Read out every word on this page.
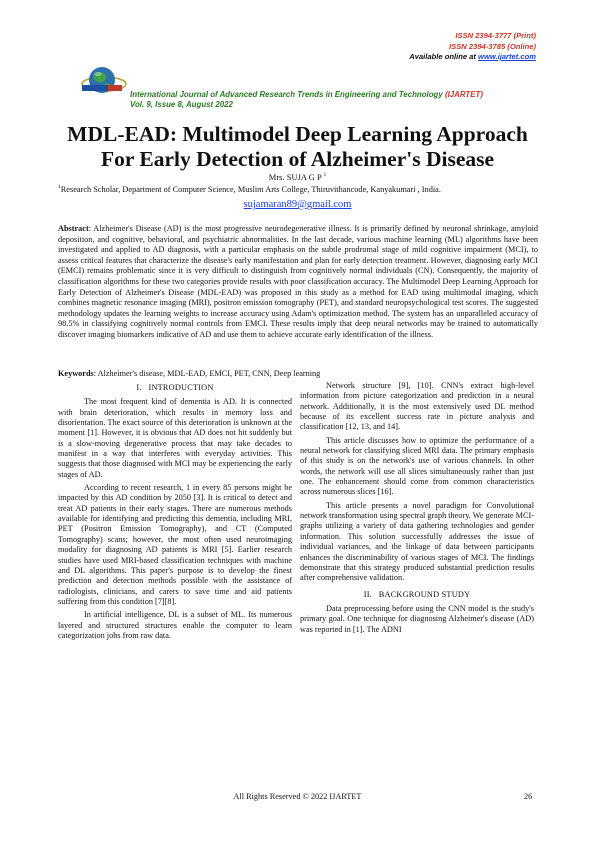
ISSN 2394-3777 (Print)
ISSN 2394-3785 (Online)
Available online at www.ijartet.com
International Journal of Advanced Research Trends in Engineering and Technology (IJARTET)
Vol. 9, Issue 8, August 2022
MDL-EAD: Multimodel Deep Learning Approach
For Early Detection of Alzheimer's Disease
Mrs. SUJA G P $^1$
$^1$Research Scholar, Department of Computer Science, Muslim Arts College, Thiruvithancode, Kanyakumari , India.
sujamaran89@gmail.com
Abstract: Alzheimer's Disease (AD) is the most progressive neurodegenerative illness. It is primarily defined by neuronal shrinkage, amyloid deposition, and cognitive, behavioral, and psychiatric abnormalities. In the last decade, various machine learning (ML) algorithms have been investigated and applied to AD diagnosis, with a particular emphasis on the subtle prodromal stage of mild cognitive impairment (MCI), to assess critical features that characterize the disease's early manifestation and plan for early detection treatment. However, diagnosing early MCI (EMCI) remains problematic since it is very difficult to distinguish from cognitively normal individuals (CN). Consequently, the majority of classification algorithms for these two categories provide results with poor classification accuracy. The Multimodel Deep Learning Approach for Early Detection of Alzheimer's Disease (MDL-EAD) was proposed in this study as a method for EAD using multimodal imaging, which combines magnetic resonance imaging (MRI), positron emission tomography (PET), and standard neuropsychological test scores. The suggested methodology updates the learning weights to increase accuracy using Adam's optimization method. The system has an unparalleled accuracy of 98.5% in classifying cognitively normal controls from EMCI. These results imply that deep neural networks may be trained to automatically discover imaging biomarkers indicative of AD and use them to achieve accurate early identification of the illness.
Keywords: Alzheimer's disease, MDL-EAD, EMCI, PET, CNN, Deep learning
I. INTRODUCTION

The most frequent kind of dementia is AD. It is connected with brain deterioration, which results in memory loss and disorientation. The exact source of this deterioration is unknown at the moment [1]. However, it is obvious that AD does not hit suddenly but is a slow-moving degenerative process that may take decades to manifest in a way that interferes with everyday activities. This suggests that those diagnosed with MCI may be experiencing the early stages of AD.

According to recent research, 1 in every 85 persons might be impacted by this AD condition by 2050 [3]. It is critical to detect and treat AD patients in their early stages. There are numerous methods available for identifying and predicting this dementia, including MRI, PET (Positron Emission Tomography), and CT (Computed Tomography) scans; however, the most often used neuroimaging modality for diagnosing AD patients is MRI [5]. Earlier research studies have used MRI-based classification techniques with machine and DL algorithms. This paper's purpose is to develop the finest prediction and detection methods possible with the assistance of radiologists, clinicians, and carers to save time and aid patients suffering from this condition [7][8].

In artificial intelligence, DL is a subset of ML. Its numerous layered and structured structures enable the computer to learn categorization jobs from raw data.

Network structure [9], [10]. CNN's extract high-level information from picture categorization and prediction in a neural network. Additionally, it is the most extensively used DL method because of its excellent success rate in picture analysis and classification [12, 13, and 14].

This article discusses how to optimize the performance of a neural network for classifying sliced MRI data. The primary emphasis of this study is on the network's use of various channels. In other words, the network will use all slices simultaneously rather than just one. The enhancement should come from common characteristics across numerous slices [16].

This article presents a novel paradigm for Convolutional network transformation using spectral graph theory. We generate MCI-graphs utilizing a variety of data gathering technologies and gender information. This solution successfully addresses the issue of individual variances, and the linkage of data between participants enhances the discriminability of various stages of MCI. The findings demonstrate that this strategy produced substantial prediction results after comprehensive validation.

II. BACKGROUND STUDY

Data preprocessing before using the CNN model is the study's primary goal. One technique for diagnosing Alzheimer's disease (AD) was reported in [1]. The ADNI

All Rights Reserved © 2022 IJARTET	26
